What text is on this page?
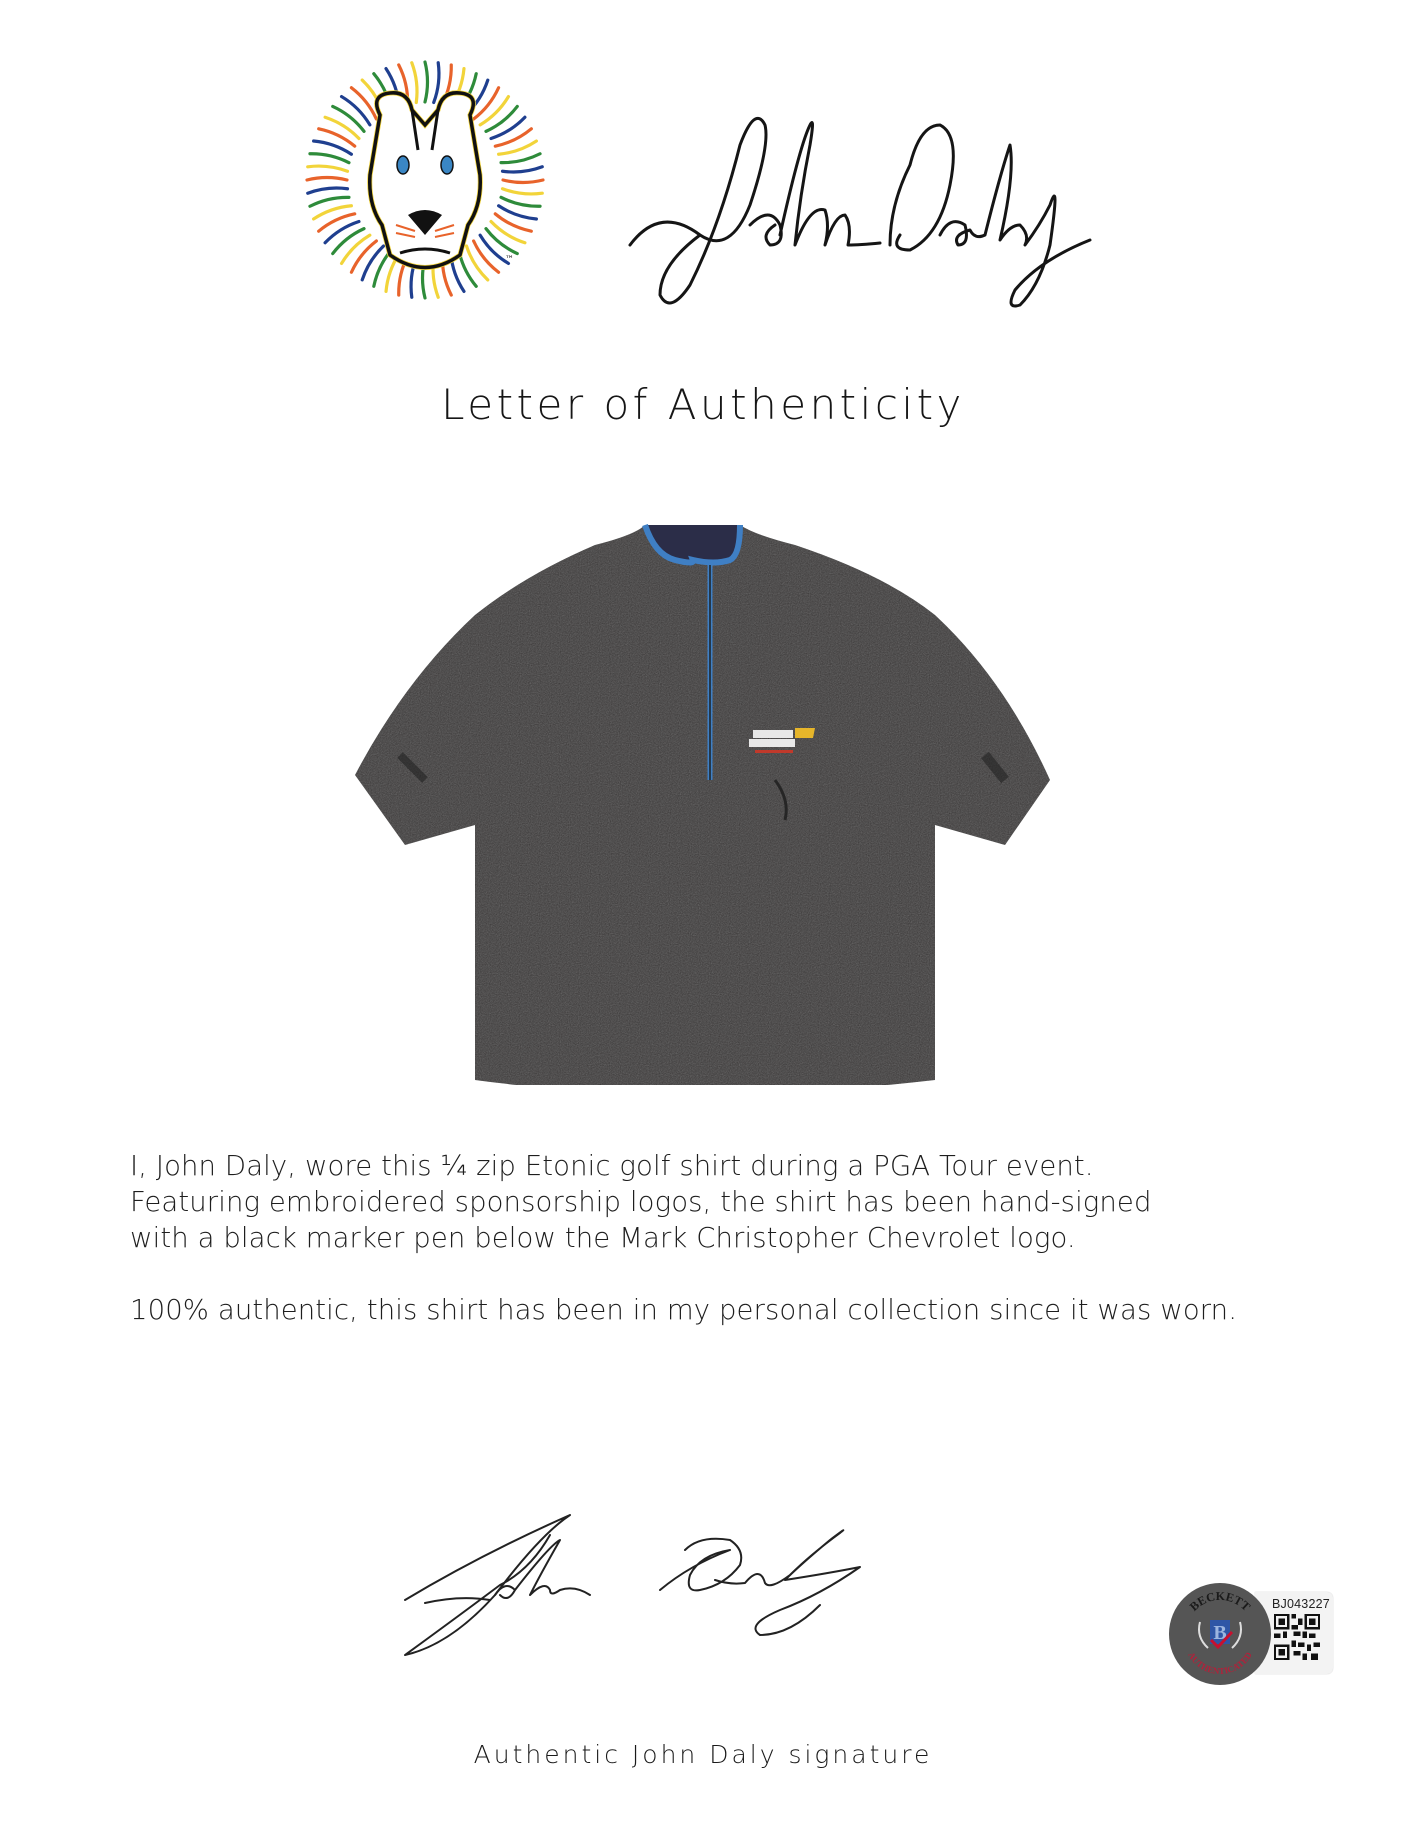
™
Letter of Authenticity

I, John Daly, wore this ¼ zip Etonic golf shirt during a PGA Tour event.
Featuring embroidered sponsorship logos, the shirt has been hand-signed
with a black marker pen below the Mark Christopher Chevrolet logo.

100% authentic, this shirt has been in my personal collection since it was worn.

Authentic John Daly signature
BECKETT
AUTHENTICATED
B
BJ043227
